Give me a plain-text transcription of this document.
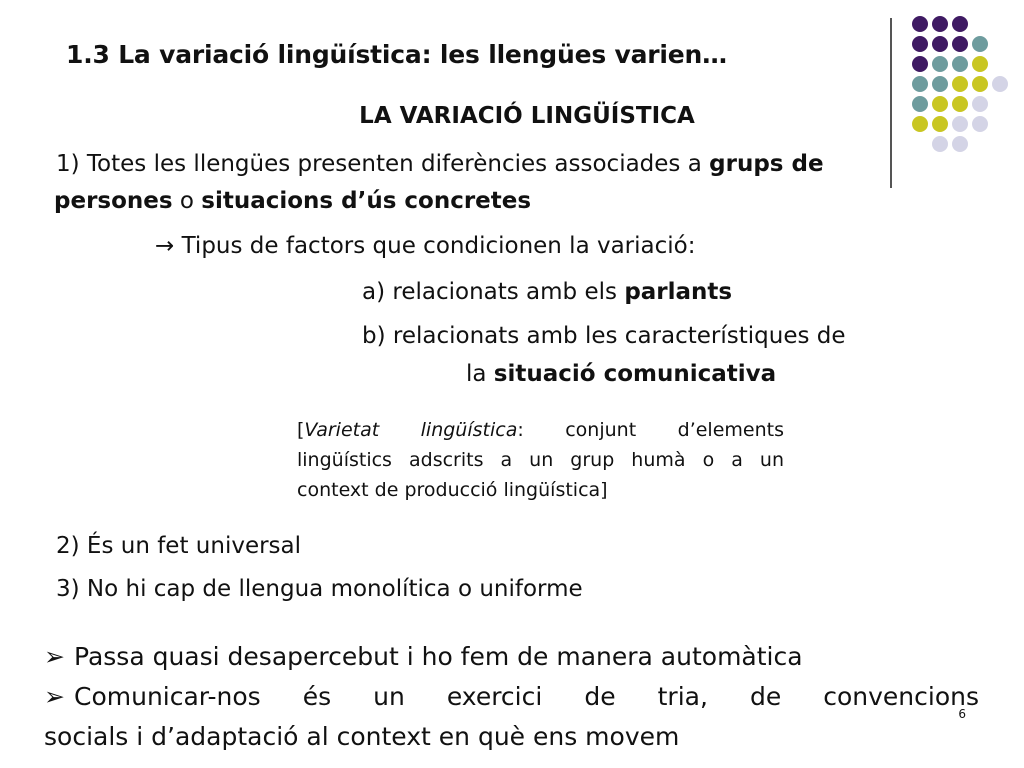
1.3 La variació lingüística: les llengües varien…
LA VARIACIÓ LINGÜÍSTICA
1) Totes les llengües presenten diferències associades a grups de
persones o situacions d’ús concretes
→ Tipus de factors que condicionen la variació:
a) relacionats amb els parlants
b) relacionats amb les característiques de
la situació comunicativa
[Varietat lingüística: conjunt d’elements
lingüístics adscrits a un grup humà o a un
context de producció lingüística]
2) És un fet universal
3) No hi cap de llengua monolítica o uniforme
➢ Passa quasi desapercebut i ho fem de manera automàtica
➢ Comunicar-nos és un exercici de tria, de convencions
socials i d’adaptació al context en què ens movem
6
